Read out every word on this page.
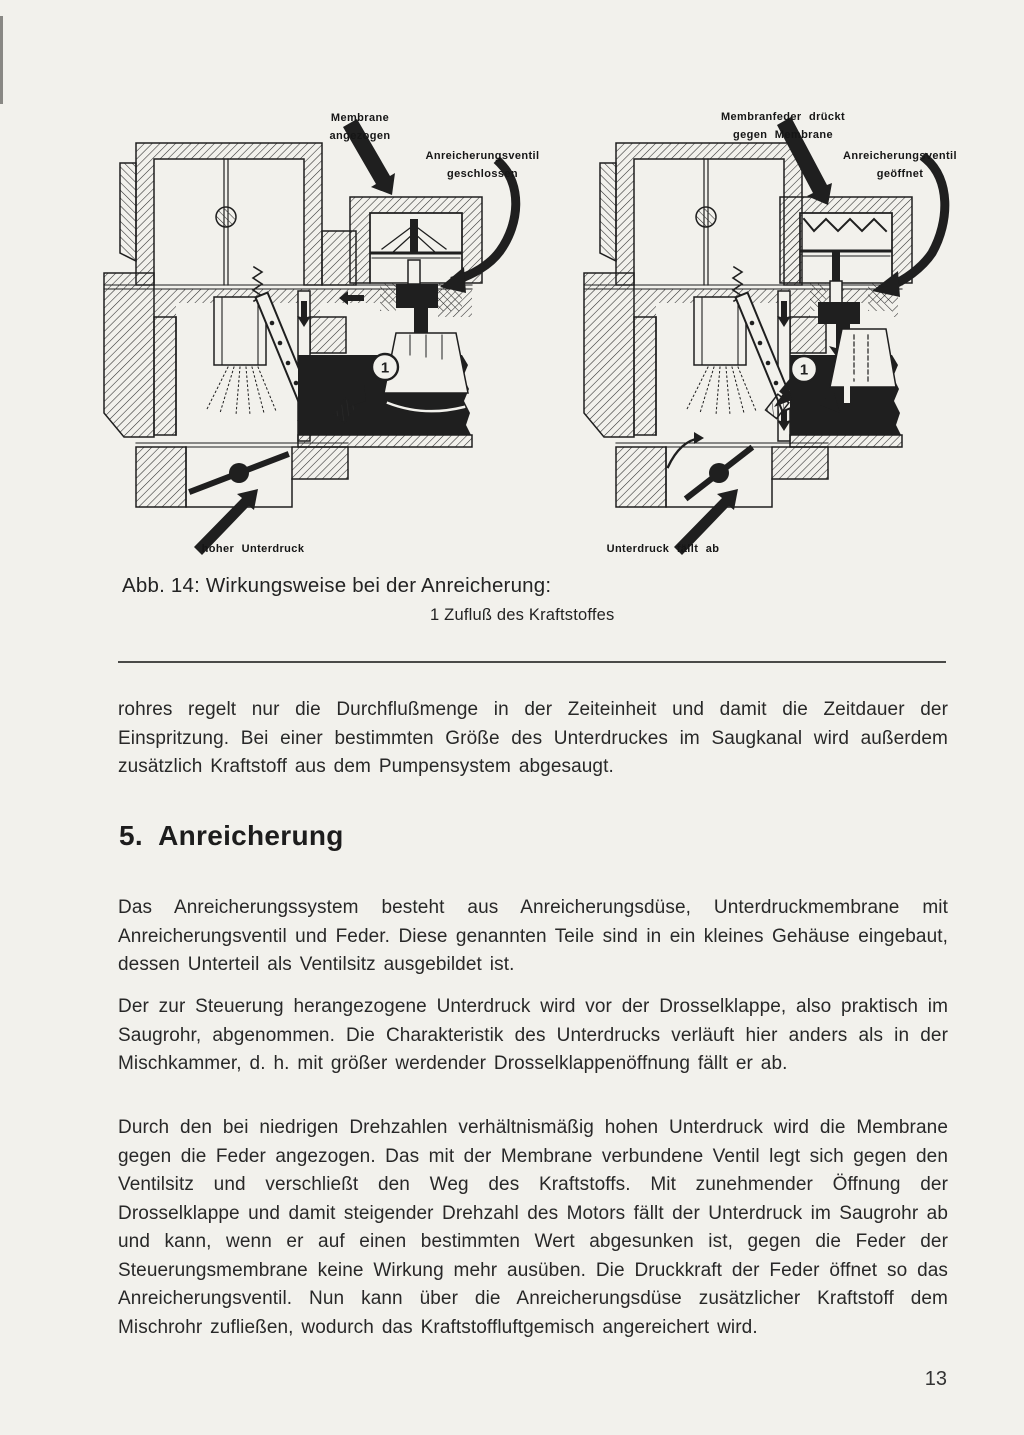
1	1
Membrane
angezogen
Anreicherungsventil
geschlossen
Membranfeder drückt
gegen Membrane
Anreicherungsventil
geöffnet
hoher Unterdruck	Unterdruck fällt ab
Abb. 14: Wirkungsweise bei der Anreicherung:
1 Zufluß des Kraftstoffes

rohres regelt nur die Durchflußmenge in der Zeiteinheit und damit die Zeitdauer der Einspritzung. Bei einer bestimmten Größe des Unterdruckes im Saugkanal wird außerdem zusätzlich Kraftstoff aus dem Pumpensystem abgesaugt.

5.  Anreicherung

Das Anreicherungssystem besteht aus Anreicherungsdüse, Unterdruckmembrane mit Anreicherungsventil und Feder. Diese genannten Teile sind in ein kleines Gehäuse eingebaut, dessen Unterteil als Ventilsitz ausgebildet ist.

Der zur Steuerung herangezogene Unterdruck wird vor der Drosselklappe, also praktisch im Saugrohr, abgenommen. Die Charakteristik des Unterdrucks verläuft hier anders als in der Mischkammer, d. h. mit größer werdender Drosselklappenöffnung fällt er ab.

Durch den bei niedrigen Drehzahlen verhältnismäßig hohen Unterdruck wird die Membrane gegen die Feder angezogen. Das mit der Membrane verbundene Ventil legt sich gegen den Ventilsitz und verschließt den Weg des Kraftstoffs. Mit zunehmender Öffnung der Drosselklappe und damit steigender Drehzahl des Motors fällt der Unterdruck im Saugrohr ab und kann, wenn er auf einen bestimmten Wert abgesunken ist, gegen die Feder der Steuerungsmembrane keine Wirkung mehr ausüben. Die Druckkraft der Feder öffnet so das Anreicherungsventil. Nun kann über die Anreicherungsdüse zusätzlicher Kraftstoff dem Mischrohr zufließen, wodurch das Kraftstoffluftgemisch angereichert wird.

13
